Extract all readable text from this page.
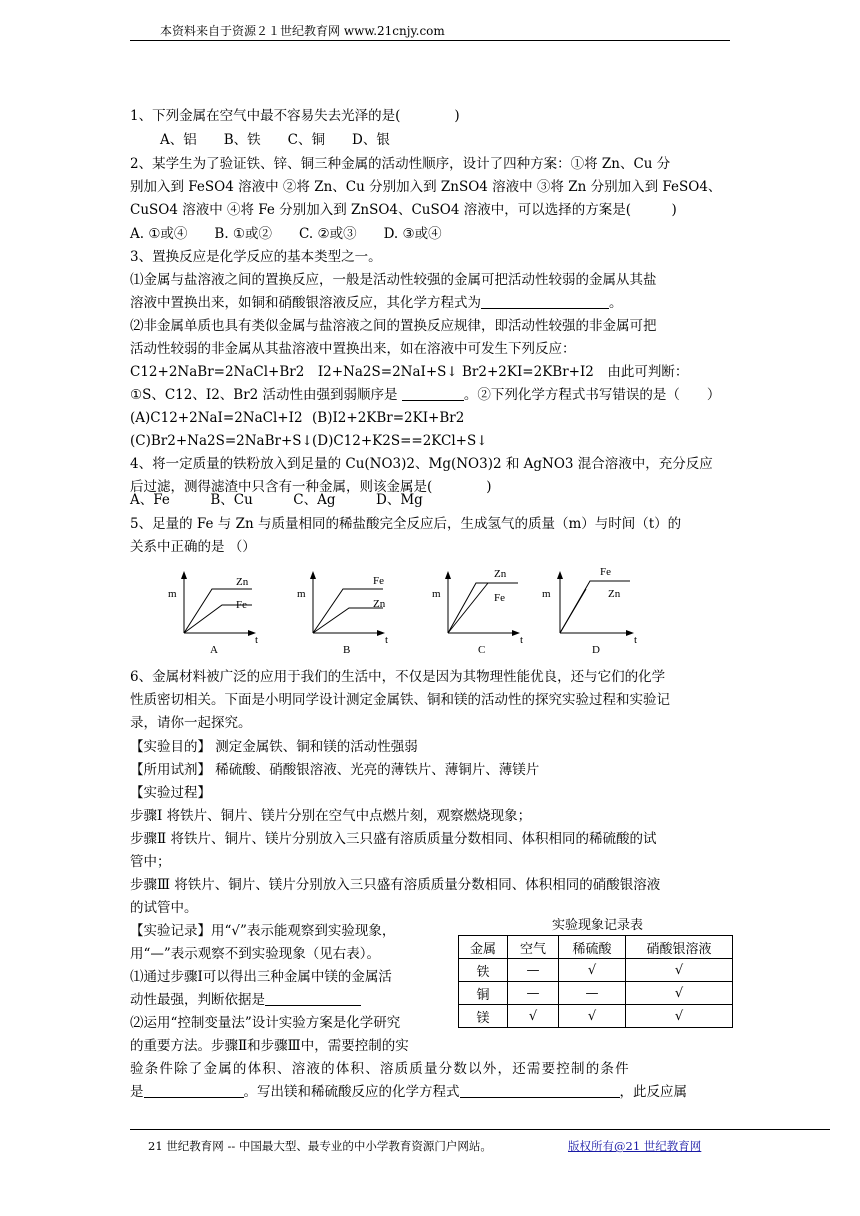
本资料来自于资源２１世纪教育网 www.21cnjy.com
1、下列金属在空气中最不容易失去光泽的是(　　　　)
A、铝　　B、铁　　C、铜　　D、银
2、某学生为了验证铁、锌、铜三种金属的活动性顺序，设计了四种方案：①将 Zn、Cu 分
别加入到 FeSO4 溶液中 ②将 Zn、Cu 分别加入到 ZnSO4 溶液中 ③将 Zn 分别加入到 FeSO4、
CuSO4 溶液中 ④将 Fe 分别加入到 ZnSO4、CuSO4 溶液中，可以选择的方案是(　　　)
A. ①或④　　B. ①或②　　C. ②或③　　D. ③或④
3、置换反应是化学反应的基本类型之一。
⑴金属与盐溶液之间的置换反应，一般是活动性较强的金属可把活动性较弱的金属从其盐
溶液中置换出来，如铜和硝酸银溶液反应，其化学方程式为	。
⑵非金属单质也具有类似金属与盐溶液之间的置换反应规律，即活动性较强的非金属可把
活动性较弱的非金属从其盐溶液中置换出来，如在溶液中可发生下列反应：
C12+2NaBr=2NaCl+Br2　I2+Na2S=2NaI+S↓ Br2+2KI=2KBr+I2　由此可判断：
①S、C12、I2、Br2 活动性由强到弱顺序是	。②下列化学方程式书写错误的是（　　）
(A)C12+2NaI=2NaCl+I2 (B)I2+2KBr=2KI+Br2
(C)Br2+Na2S=2NaBr+S↓ (D)C12+K2S==2KCl+S↓
4、将一定质量的铁粉放入到足量的 Cu(NO3)2、Mg(NO3)2 和 AgNO3 混合溶液中，充分反应
后过滤，测得滤渣中只含有一种金属，则该金属是(　　　　)
A、Fe　　　B、Cu　　　C、Ag　　　D、Mg
5、足量的 Fe 与 Zn 与质量相同的稀盐酸完全反应后，生成氢气的质量（m）与时间（t）的
关系中正确的是 （）
m
Zn
Fe
t
A
m
Fe
Zn
t
B
m
Zn
Fe
t
C
m
Fe
Zn
t
D
6、金属材料被广泛的应用于我们的生活中，不仅是因为其物理性能优良，还与它们的化学
性质密切相关。下面是小明同学设计测定金属铁、铜和镁的活动性的探究实验过程和实验记
录，请你一起探究。
【实验目的】 测定金属铁、铜和镁的活动性强弱
【所用试剂】 稀硫酸、硝酸银溶液、光亮的薄铁片、薄铜片、薄镁片
【实验过程】
步骤Ⅰ 将铁片、铜片、镁片分别在空气中点燃片刻，观察燃烧现象；
步骤Ⅱ 将铁片、铜片、镁片分别放入三只盛有溶质质量分数相同、体积相同的稀硫酸的试
管中；
步骤Ⅲ 将铁片、铜片、镁片分别放入三只盛有溶质质量分数相同、体积相同的硝酸银溶液
的试管中。
【实验记录】用“√”表示能观察到实验现象，
用“—”表示观察不到实验现象（见右表）。
⑴通过步骤Ⅰ可以得出三种金属中镁的金属活
动性最强，判断依据是
⑵运用“控制变量法”设计实验方案是化学研究
的重要方法。步骤Ⅱ和步骤Ⅲ中，需要控制的实
验条件除了金属的体积、溶液的体积、溶质质量分数以外，还需要控制的条件
是	。写出镁和稀硫酸反应的化学方程式	，此反应属
实验现象记录表
金属	空气	稀硫酸	硝酸银溶液
铁	—	√	√
铜	—	—	√
镁	√	√	√
21 世纪教育网 -- 中国最大型、最专业的中小学教育资源门户网站。	版权所有@21 世纪教育网
